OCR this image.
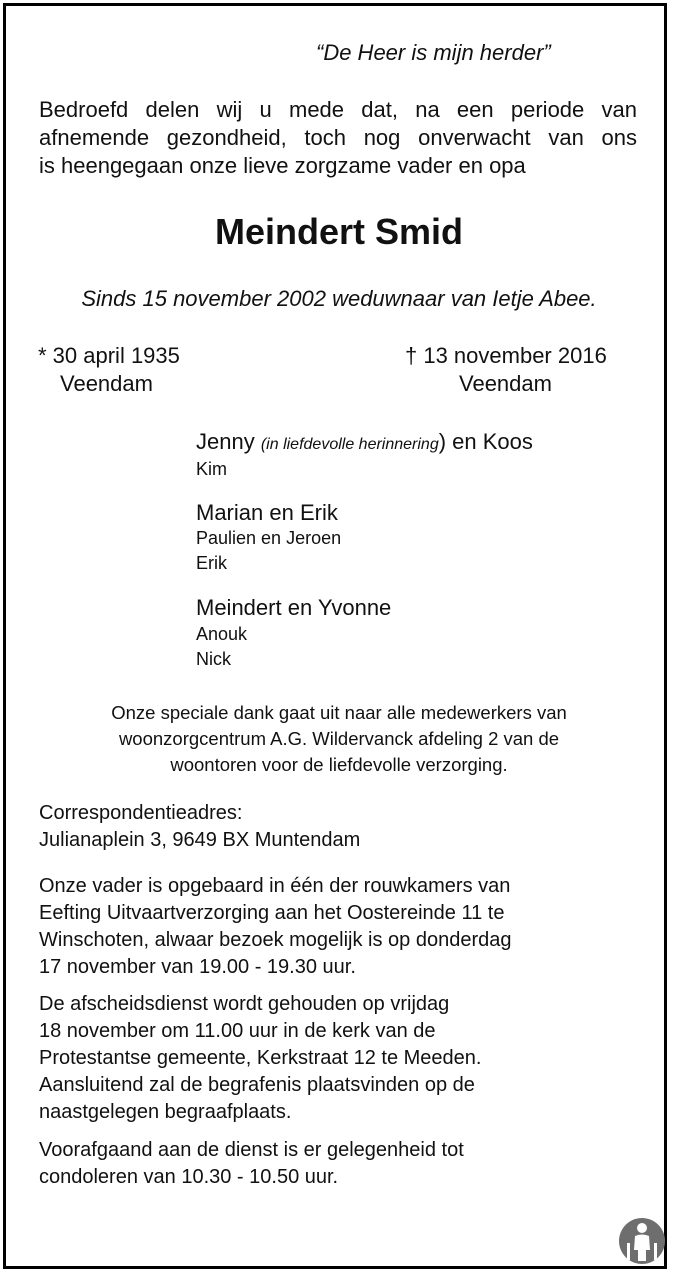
“De Heer is mijn herder”
Bedroefd delen wij u mede dat, na een periode van
afnemende gezondheid, toch nog onverwacht van ons
is heengegaan onze lieve zorgzame vader en opa
Meindert Smid
Sinds 15 november 2002 weduwnaar van Ietje Abee.
* 30 april 1935
Veendam
† 13 november 2016
Veendam
Jenny (in liefdevolle herinnering) en Koos
Kim
Marian en Erik
Paulien en Jeroen
Erik
Meindert en Yvonne
Anouk
Nick
Onze speciale dank gaat uit naar alle medewerkers van
woonzorgcentrum A.G. Wildervanck afdeling 2 van de
woontoren voor de liefdevolle verzorging.
Correspondentieadres:
Julianaplein 3, 9649 BX Muntendam
Onze vader is opgebaard in één der rouwkamers van
Eefting Uitvaartverzorging aan het Oostereinde 11 te
Winschoten, alwaar bezoek mogelijk is op donderdag
17 november van 19.00 - 19.30 uur.
De afscheidsdienst wordt gehouden op vrijdag
18 november om 11.00 uur in de kerk van de
Protestantse gemeente, Kerkstraat 12 te Meeden.
Aansluitend zal de begrafenis plaatsvinden op de
naastgelegen begraafplaats.
Voorafgaand aan de dienst is er gelegenheid tot
condoleren van 10.30 - 10.50 uur.
